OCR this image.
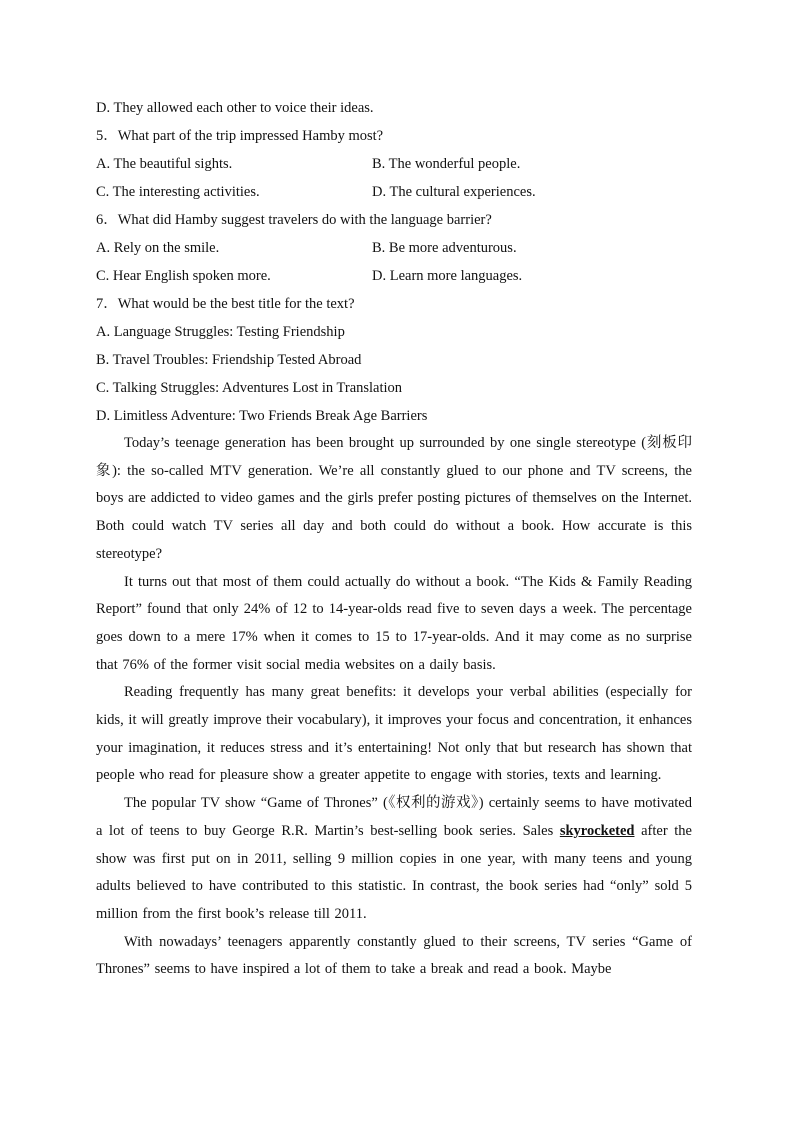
D. They allowed each other to voice their ideas.
5．What part of the trip impressed Hamby most?
A. The beautiful sights.	B. The wonderful people.
C. The interesting activities.	D. The cultural experiences.
6．What did Hamby suggest travelers do with the language barrier?
A. Rely on the smile.	B. Be more adventurous.
C. Hear English spoken more.	D. Learn more languages.
7．What would be the best title for the text?
A. Language Struggles: Testing Friendship
B. Travel Troubles: Friendship Tested Abroad
C. Talking Struggles: Adventures Lost in Translation
D. Limitless Adventure: Two Friends Break Age Barriers

Today’s teenage generation has been brought up surrounded by one single stereotype (刻板印象): the so-called MTV generation. We’re all constantly glued to our phone and TV screens, the boys are addicted to video games and the girls prefer posting pictures of themselves on the Internet. Both could watch TV series all day and both could do without a book. How accurate is this stereotype?

It turns out that most of them could actually do without a book. “The Kids & Family Reading Report” found that only 24% of 12 to 14-year-olds read five to seven days a week. The percentage goes down to a mere 17% when it comes to 15 to 17-year-olds. And it may come as no surprise that 76% of the former visit social media websites on a daily basis.

Reading frequently has many great benefits: it develops your verbal abilities (especially for kids, it will greatly improve their vocabulary), it improves your focus and concentration, it enhances your imagination, it reduces stress and it’s entertaining! Not only that but research has shown that people who read for pleasure show a greater appetite to engage with stories, texts and learning.

The popular TV show “Game of Thrones” (《权利的游戏》) certainly seems to have motivated a lot of teens to buy George R.R. Martin’s best-selling book series. Sales skyrocketed after the show was first put on in 2011, selling 9 million copies in one year, with many teens and young adults believed to have contributed to this statistic. In contrast, the book series had “only” sold 5 million from the first book’s release till 2011.

With nowadays’ teenagers apparently constantly glued to their screens, TV series “Game of Thrones” seems to have inspired a lot of them to take a break and read a book. Maybe
